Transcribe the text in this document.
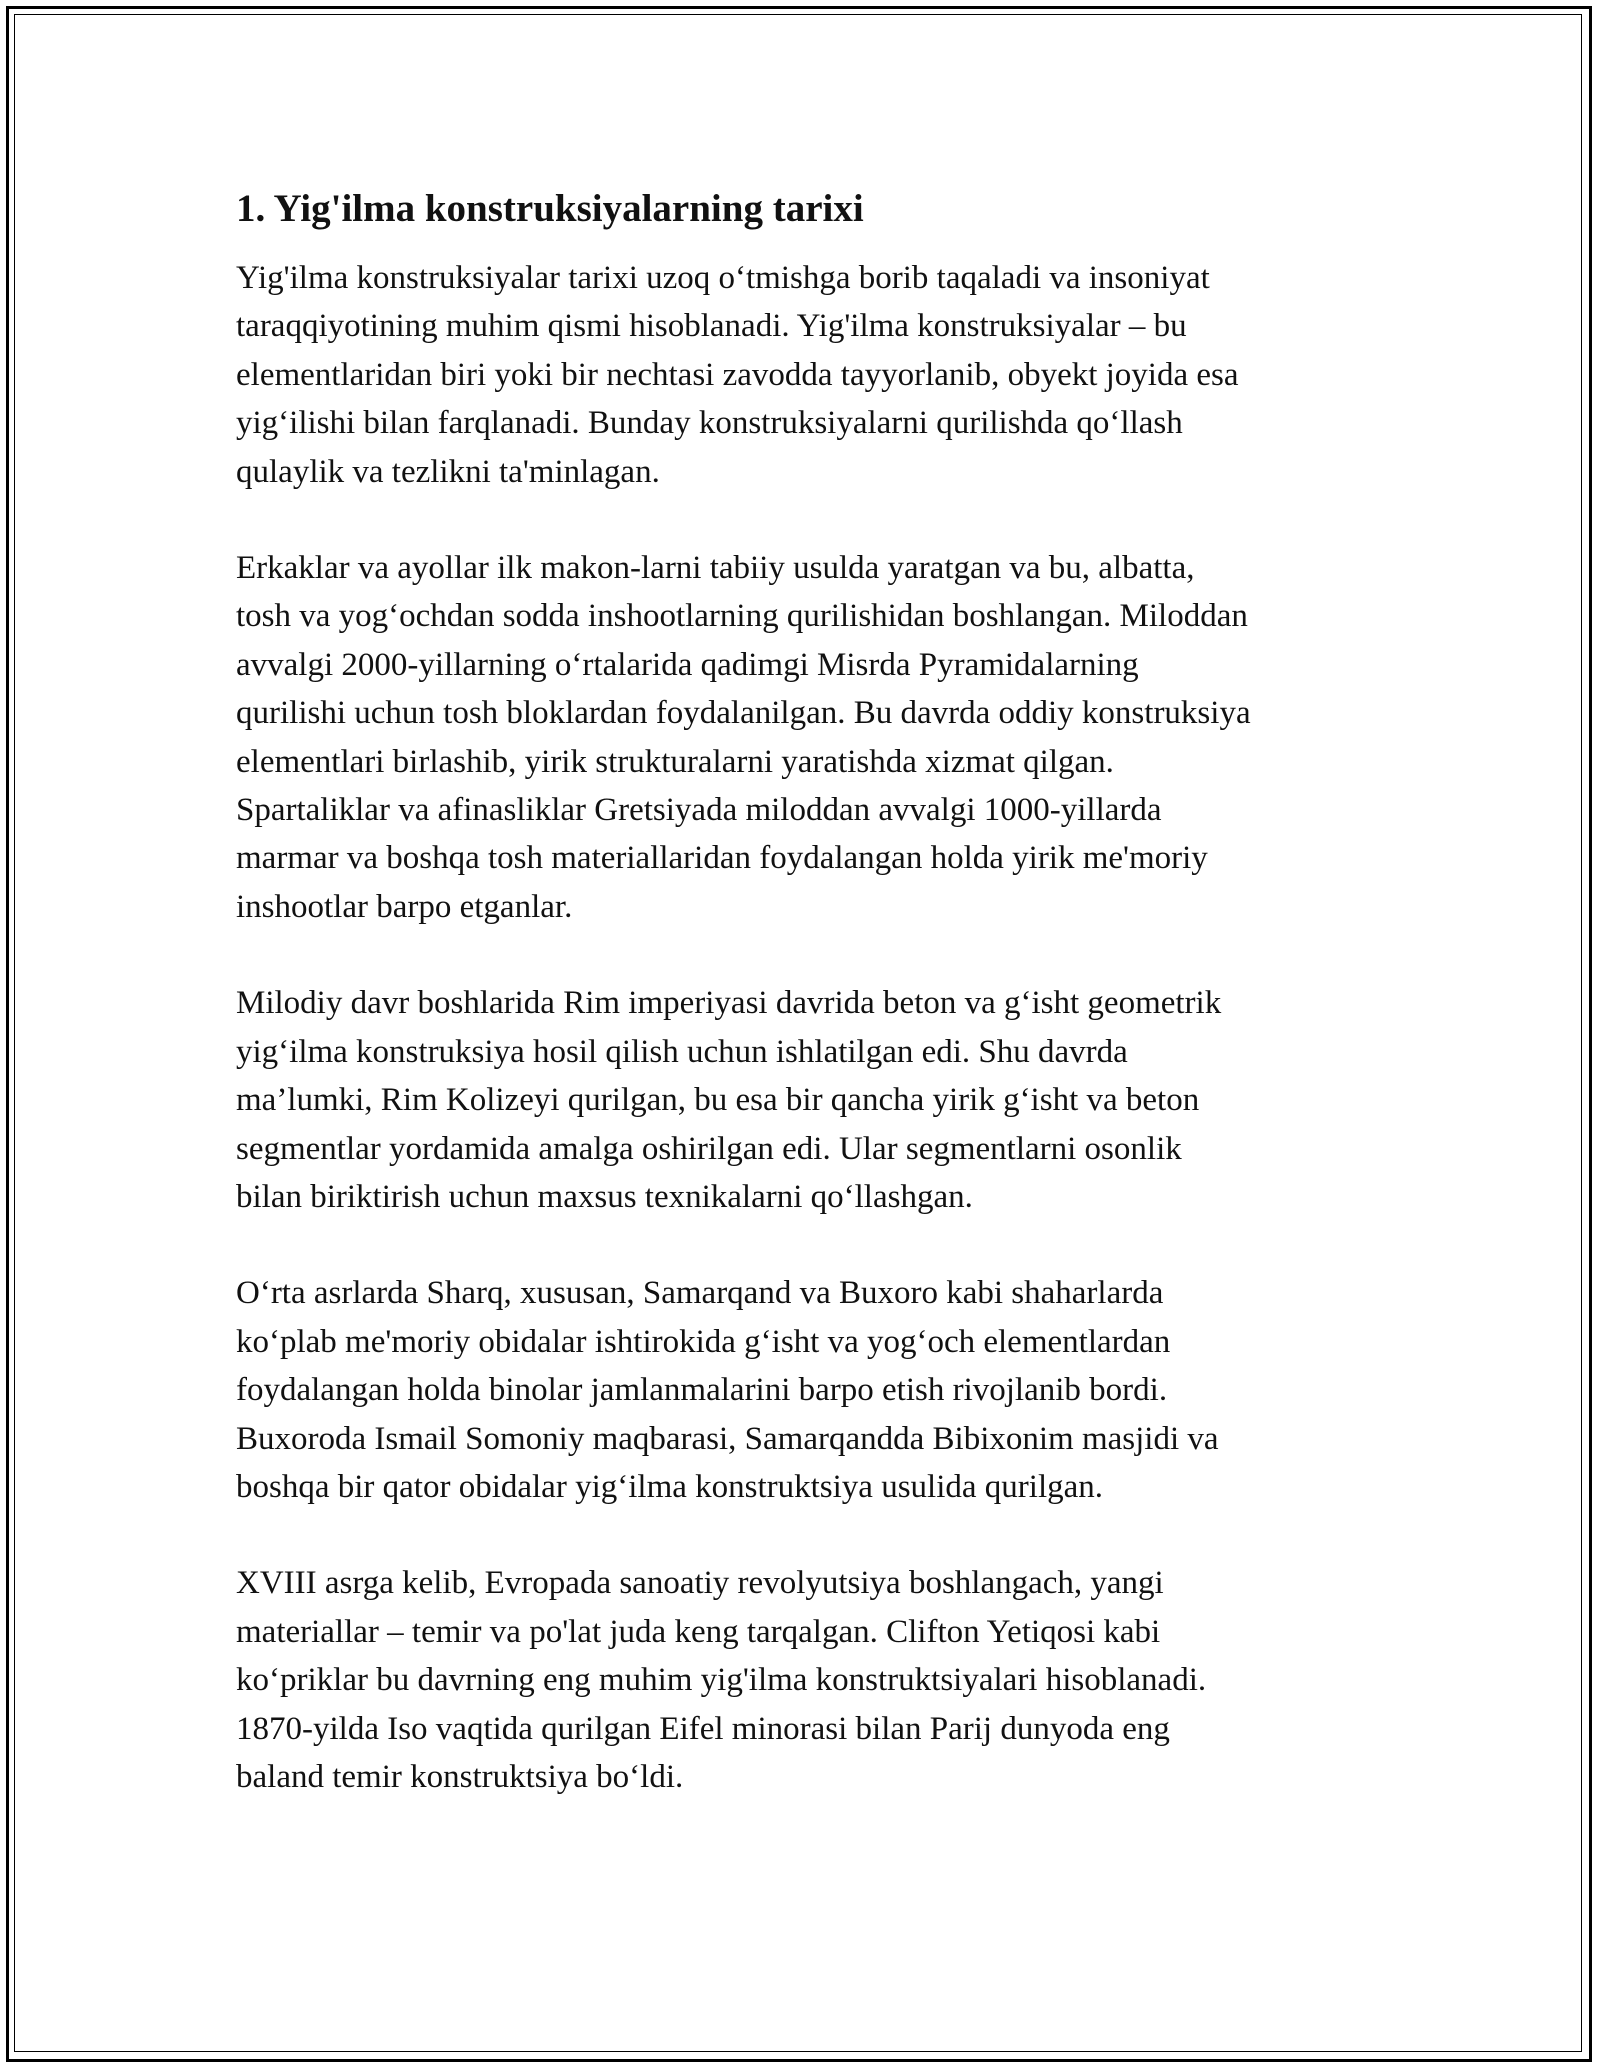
1. Yig'ilma konstruksiyalarning tarixi
Yig'ilma konstruksiyalar tarixi uzoq o‘tmishga borib taqaladi va insoniyat
taraqqiyotining muhim qismi hisoblanadi. Yig'ilma konstruksiyalar – bu
elementlaridan biri yoki bir nechtasi zavodda tayyorlanib, obyekt joyida esa
yig‘ilishi bilan farqlanadi. Bunday konstruksiyalarni qurilishda qo‘llash
qulaylik va tezlikni ta'minlagan.
Erkaklar va ayollar ilk makon-larni tabiiy usulda yaratgan va bu, albatta,
tosh va yog‘ochdan sodda inshootlarning qurilishidan boshlangan. Miloddan
avvalgi 2000-yillarning o‘rtalarida qadimgi Misrda Pyramidalarning
qurilishi uchun tosh bloklardan foydalanilgan. Bu davrda oddiy konstruksiya
elementlari birlashib, yirik strukturalarni yaratishda xizmat qilgan.
Spartaliklar va afinasliklar Gretsiyada miloddan avvalgi 1000-yillarda
marmar va boshqa tosh materiallaridan foydalangan holda yirik me'moriy
inshootlar barpo etganlar.
Milodiy davr boshlarida Rim imperiyasi davrida beton va g‘isht geometrik
yig‘ilma konstruksiya hosil qilish uchun ishlatilgan edi. Shu davrda
ma’lumki, Rim Kolizeyi qurilgan, bu esa bir qancha yirik g‘isht va beton
segmentlar yordamida amalga oshirilgan edi. Ular segmentlarni osonlik
bilan biriktirish uchun maxsus texnikalarni qo‘llashgan.
O‘rta asrlarda Sharq, xususan, Samarqand va Buxoro kabi shaharlarda
ko‘plab me'moriy obidalar ishtirokida g‘isht va yog‘och elementlardan
foydalangan holda binolar jamlanmalarini barpo etish rivojlanib bordi.
Buxoroda Ismail Somoniy maqbarasi, Samarqandda Bibixonim masjidi va
boshqa bir qator obidalar yig‘ilma konstruktsiya usulida qurilgan.
XVIII asrga kelib, Evropada sanoatiy revolyutsiya boshlangach, yangi
materiallar – temir va po'lat juda keng tarqalgan. Clifton Yetiqosi kabi
ko‘priklar bu davrning eng muhim yig'ilma konstruktsiyalari hisoblanadi.
1870-yilda Iso vaqtida qurilgan Eifel minorasi bilan Parij dunyoda eng
baland temir konstruktsiya bo‘ldi.
